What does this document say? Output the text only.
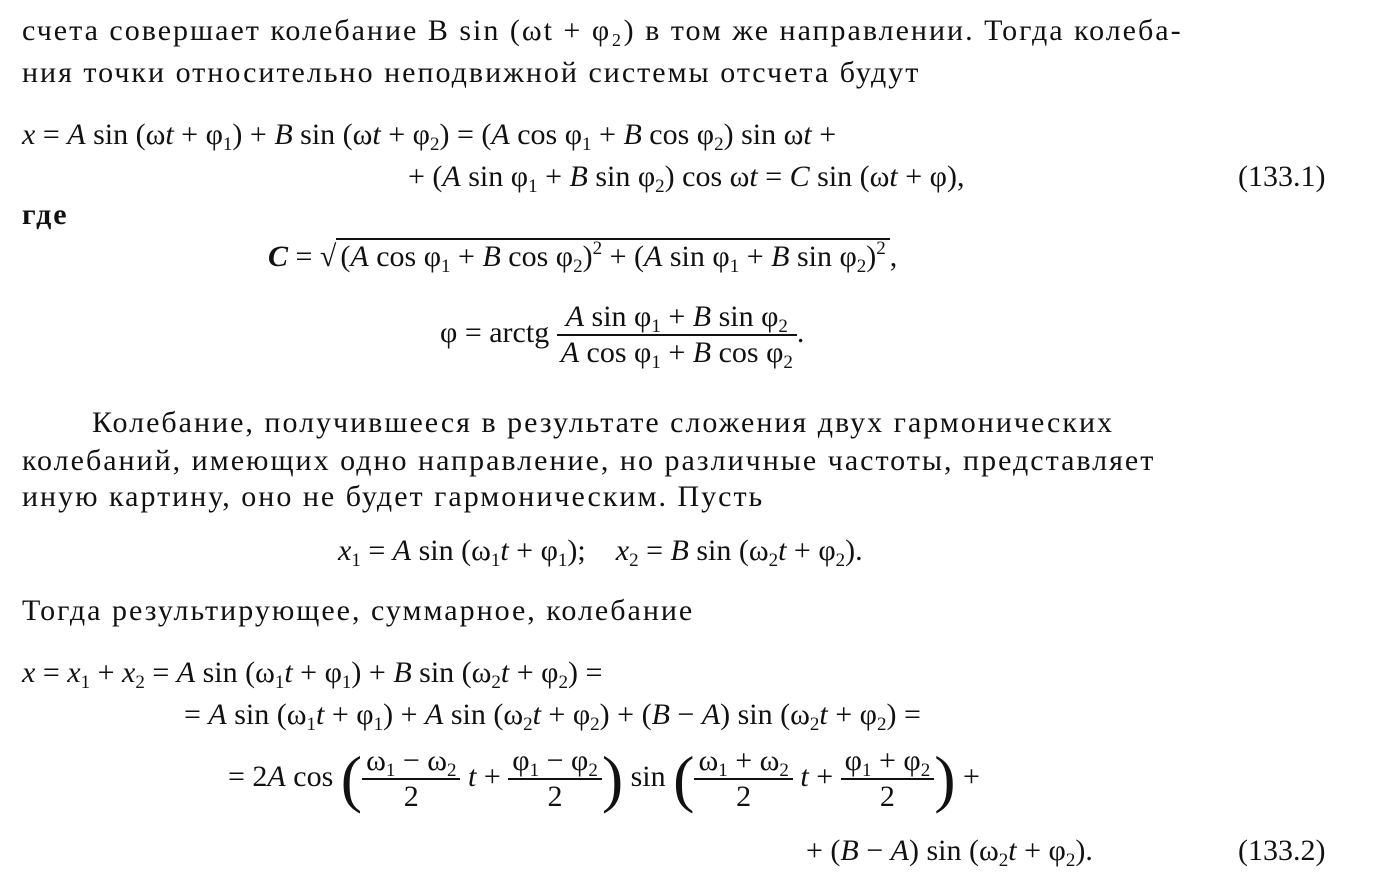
счета совершает колебание B sin (ωt + φ₂) в том же направлении. Тогда колеба-
ния точки относительно неподвижной системы отсчета будут
x = A $\sin (\omega t + \varphi_1) + B$ $\sin (\omega t + \varphi_2) = (A$ $\cos \varphi_1 + B$ $\cos \varphi_2$) sin ωt +
+ (A $\sin \varphi_1 + B$ $\sin \varphi_2$) cos ωt = C sin (ωt + φ),	(133.1)
где
C = √ (A $\cos \varphi_1 + B$ $\cos \varphi_2)^2 + (A$ $\sin \varphi_1 + B$ $\sin \varphi_2)^2$ ,
φ = arctg $\frac{A \sin \varphi_1 + B \sin \varphi_2}{A \cos \varphi_1 + B \cos \varphi_2}$ .
Колебание, получившееся в результате сложения двух гармонических
колебаний, имеющих одно направление, но различные частоты, представляет
иную картину, оно не будет гармоническим. Пусть
$x_1 = A$ $\sin (\omega_1t + \varphi_1)$;    $x_2 = B$ $\sin (\omega_2t + \varphi_2)$.
Тогда результирующее, суммарное, колебание
$x = x_1 + x_2 = A$ $\sin (\omega_1t + \varphi_1) + B$ $\sin (\omega_2t + \varphi_2)$ =
= A $\sin (\omega_1t + \varphi_1) + A$ $\sin (\omega_2t + \varphi_2) + (B - A)$ $\sin (\omega_2t + \varphi_2)$ =
= 2A cos ( $\frac{\omega_1 - \omega_2}{2}$ $t + \frac{\varphi_1 - \varphi_2}{2}$ ) sin ( $\frac{\omega_1 + \omega_2}{2}$ $t + \frac{\varphi_1 + \varphi_2}{2}$ ) +
+ (B − A) $\sin (\omega_2t + \varphi_2)$.	(133.2)
